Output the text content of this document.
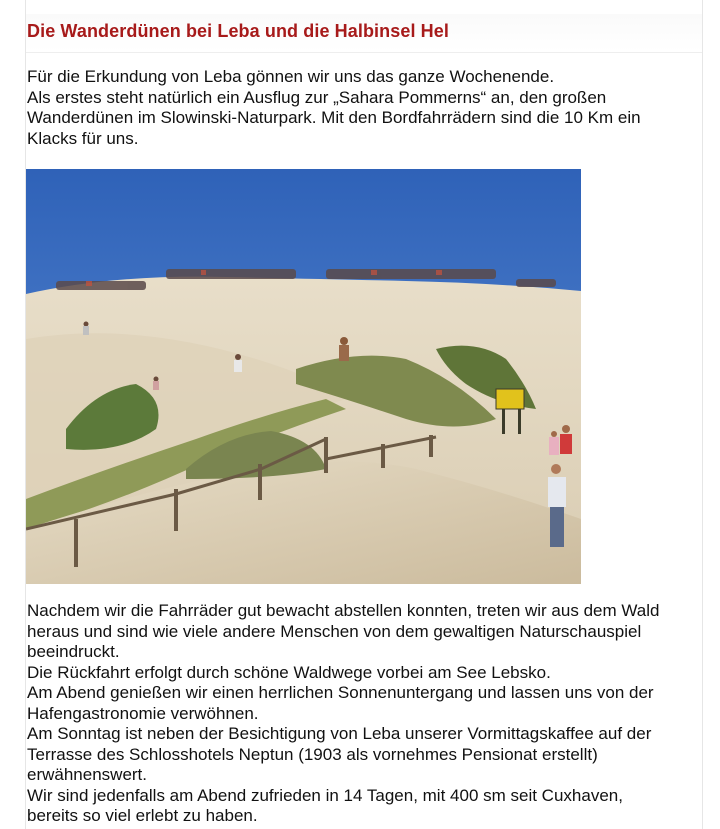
Die Wanderdünen bei Leba und die Halbinsel Hel
Für die Erkundung von Leba gönnen wir uns das ganze Wochenende.
Als erstes steht natürlich ein Ausflug zur „Sahara Pommerns“ an, den großen
Wanderdünen im Slowinski-Naturpark. Mit den Bordfahrrädern sind die 10 Km ein
Klacks für uns.
Nachdem wir die Fahrräder gut bewacht abstellen konnten, treten wir aus dem Wald
heraus und sind wie viele andere Menschen von dem gewaltigen Naturschauspiel
beeindruckt.
Die Rückfahrt erfolgt durch schöne Waldwege vorbei am See Lebsko.
Am Abend genießen wir einen herrlichen Sonnenuntergang und lassen uns von der
Hafengastronomie verwöhnen.
Am Sonntag ist neben der Besichtigung von Leba unserer Vormittagskaffee auf der
Terrasse des Schlosshotels Neptun (1903 als vornehmes Pensionat erstellt)
erwähnenswert.
Wir sind jedenfalls am Abend zufrieden in 14 Tagen, mit 400 sm seit Cuxhaven,
bereits so viel erlebt zu haben.
